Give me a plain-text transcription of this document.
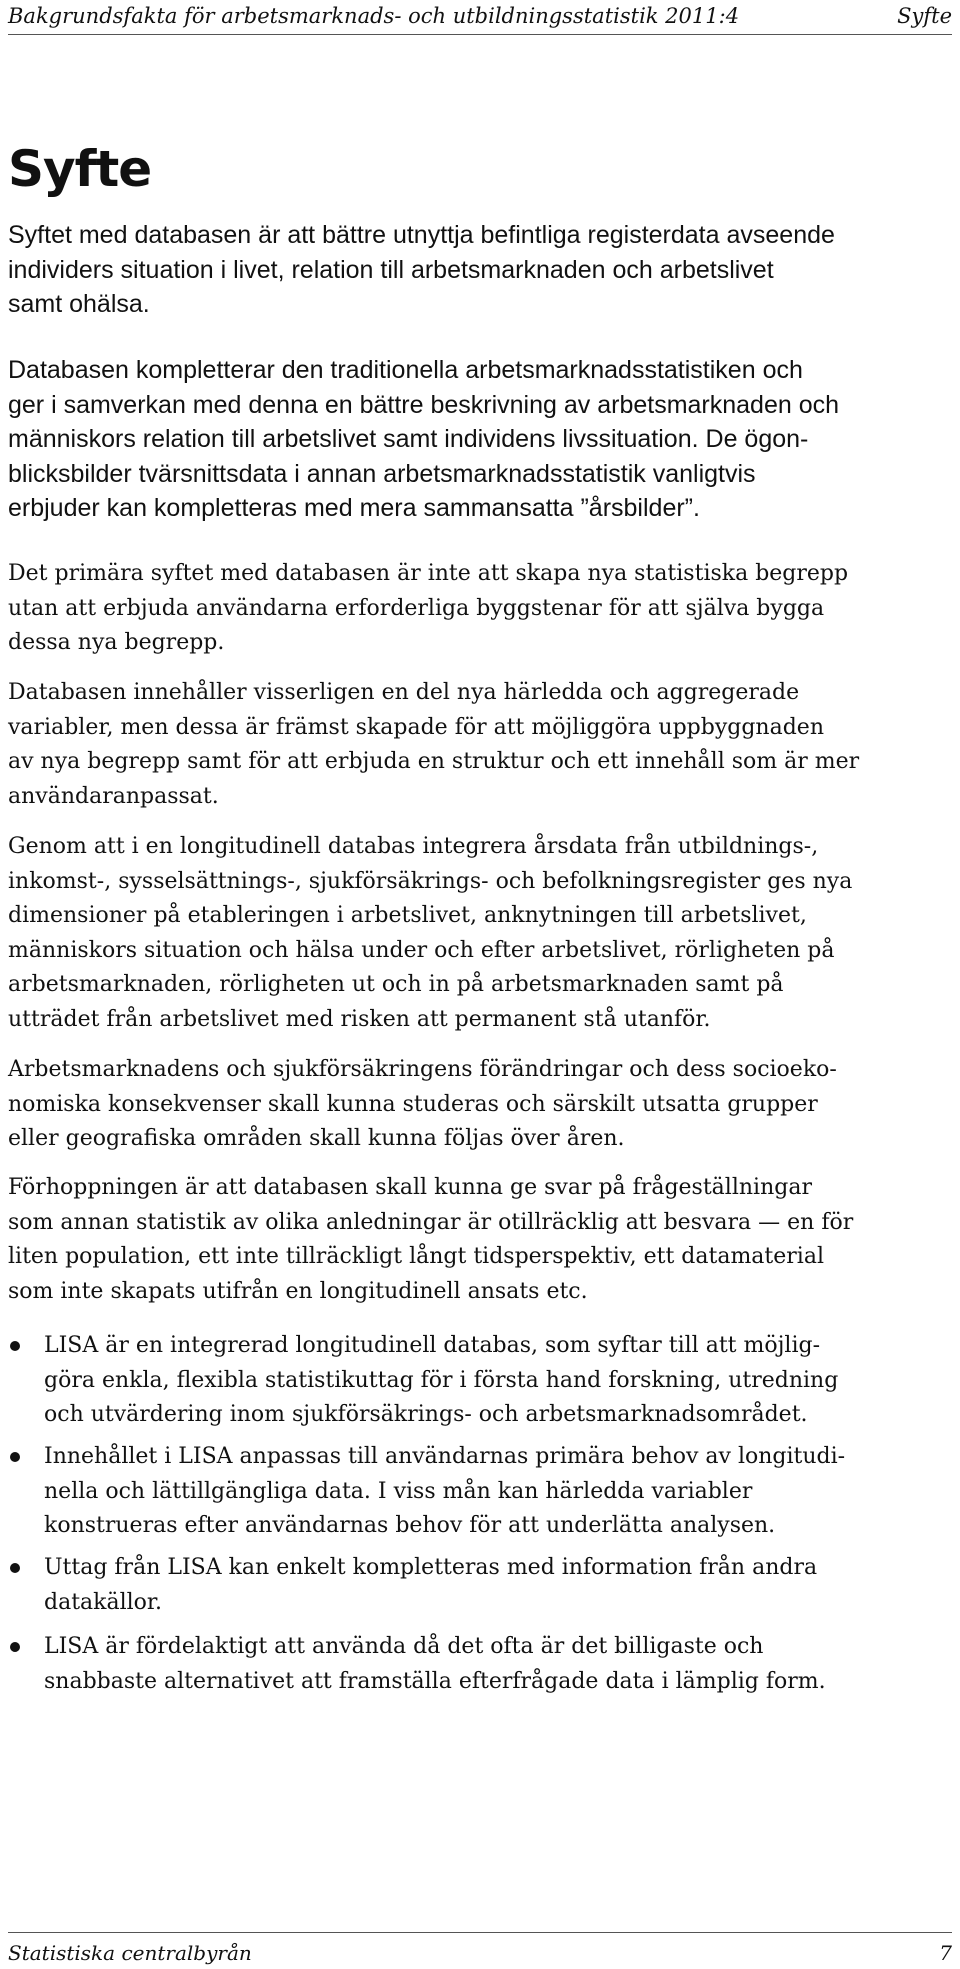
Bakgrundsfakta för arbetsmarknads- och utbildningsstatistik 2011:4	Syfte
Syfte

Syftet med databasen är att bättre utnyttja befintliga registerdata avseende
individers situation i livet, relation till arbetsmarknaden och arbetslivet
samt ohälsa.

Databasen kompletterar den traditionella arbetsmarknadsstatistiken och
ger i samverkan med denna en bättre beskrivning av arbetsmarknaden och
människors relation till arbetslivet samt individens livssituation. De ögon-
blicksbilder tvärsnittsdata i annan arbetsmarknadsstatistik vanligtvis
erbjuder kan kompletteras med mera sammansatta ”årsbilder”.

Det primära syftet med databasen är inte att skapa nya statistiska begrepp
utan att erbjuda användarna erforderliga byggstenar för att själva bygga
dessa nya begrepp.

Databasen innehåller visserligen en del nya härledda och aggregerade
variabler, men dessa är främst skapade för att möjliggöra uppbyggnaden
av nya begrepp samt för att erbjuda en struktur och ett innehåll som är mer
användaranpassat.

Genom att i en longitudinell databas integrera årsdata från utbildnings-,
inkomst-, sysselsättnings-, sjukförsäkrings- och befolkningsregister ges nya
dimensioner på etableringen i arbetslivet, anknytningen till arbetslivet,
människors situation och hälsa under och efter arbetslivet, rörligheten på
arbetsmarknaden, rörligheten ut och in på arbetsmarknaden samt på
utträdet från arbetslivet med risken att permanent stå utanför.

Arbetsmarknadens och sjukförsäkringens förändringar och dess socioeko-
nomiska konsekvenser skall kunna studeras och särskilt utsatta grupper
eller geografiska områden skall kunna följas över åren.

Förhoppningen är att databasen skall kunna ge svar på frågeställningar
som annan statistik av olika anledningar är otillräcklig att besvara — en för
liten population, ett inte tillräckligt långt tidsperspektiv, ett datamaterial
som inte skapats utifrån en longitudinell ansats etc.

LISA är en integrerad longitudinell databas, som syftar till att möjlig-
göra enkla, flexibla statistikuttag för i första hand forskning, utredning
och utvärdering inom sjukförsäkrings- och arbetsmarknadsområdet.
Innehållet i LISA anpassas till användarnas primära behov av longitudi-
nella och lättillgängliga data. I viss mån kan härledda variabler
konstrueras efter användarnas behov för att underlätta analysen.
Uttag från LISA kan enkelt kompletteras med information från andra
datakällor.
LISA är fördelaktigt att använda då det ofta är det billigaste och
snabbaste alternativet att framställa efterfrågade data i lämplig form.
Statistiska centralbyrån	7
